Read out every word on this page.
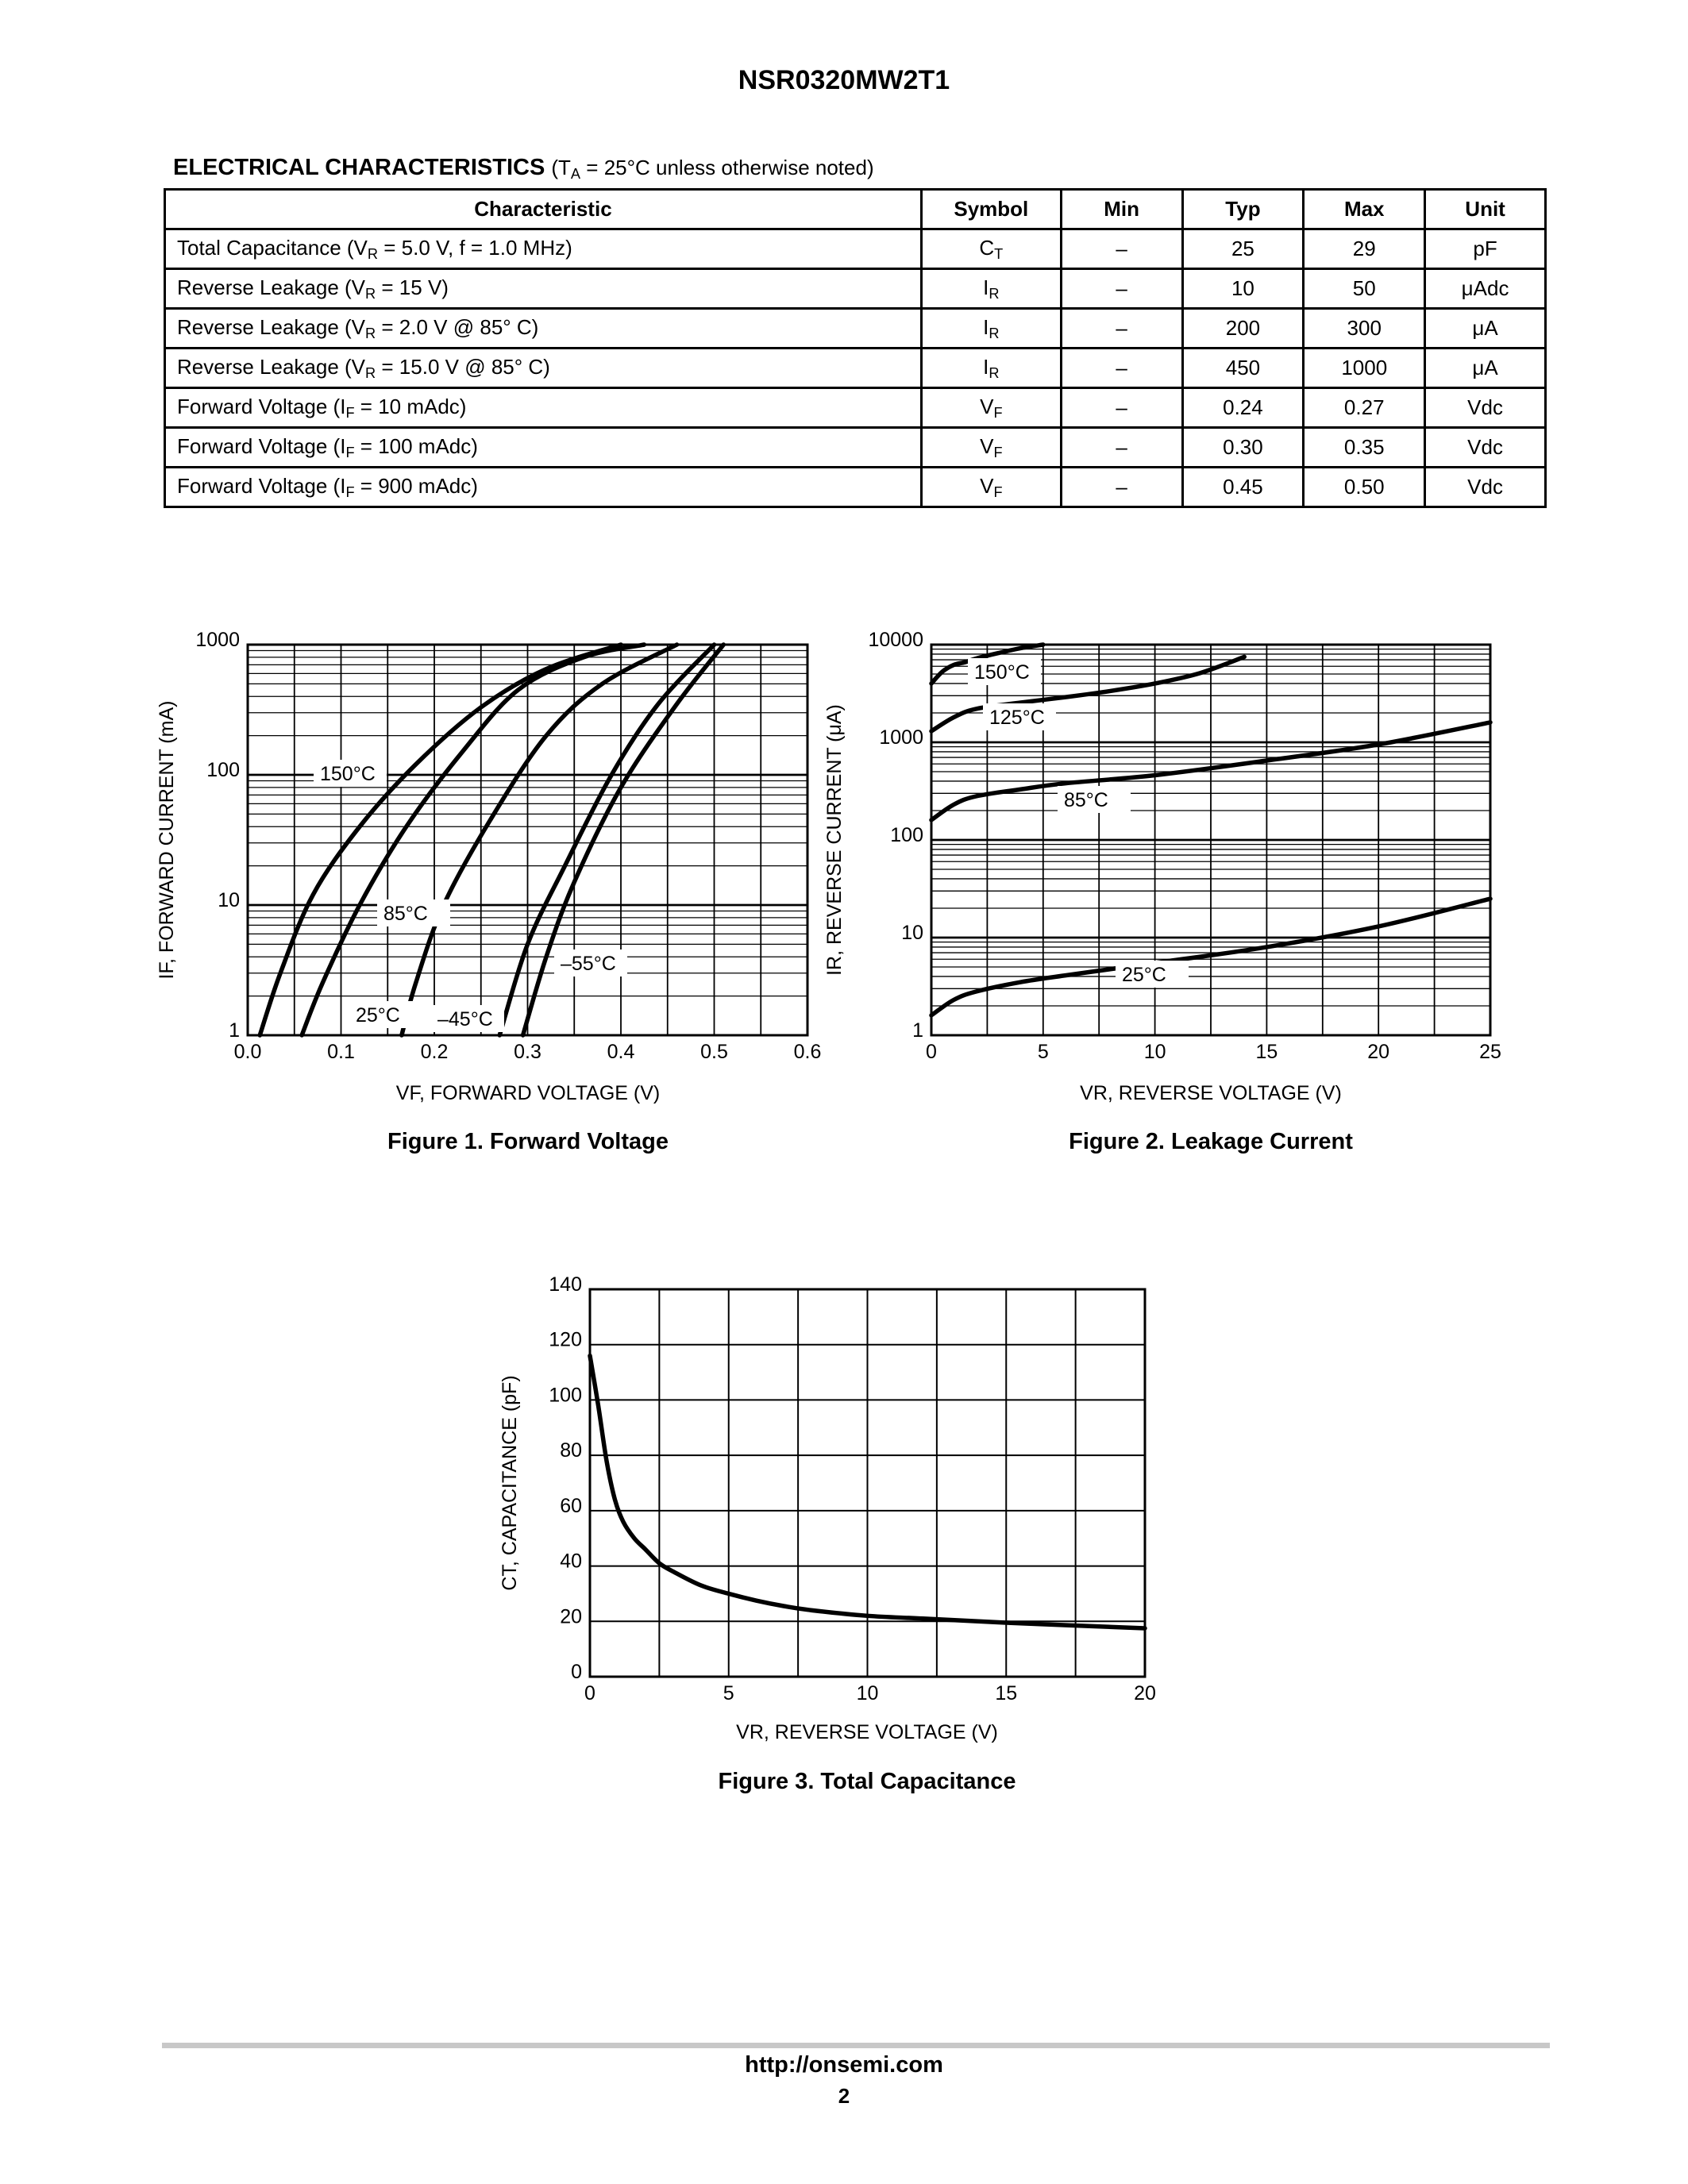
NSR0320MW2T1
ELECTRICAL CHARACTERISTICS ($T_A = 25^\circ C$ unless otherwise noted)
Characteristic	Symbol	Min	Typ	Max	Unit
Total Capacitance ($V_R = 5.0$ V, f = 1.0 MHz)	$C_T$	–	25	29	pF
Reverse Leakage ($V_R = 15$ V)	$I_R$	–	10	50	μAdc
Reverse Leakage ($V_R = 2.0$ V @ 85° C)	$I_R$	–	200	300	μA
Reverse Leakage ($V_R = 15.0$ V @ 85° C)	$I_R$	–	450	1000	μA
Forward Voltage ($I_F = 10$ mAdc)	$V_F$	–	0.24	0.27	Vdc
Forward Voltage ($I_F = 100$ mAdc)	$V_F$	–	0.30	0.35	Vdc
Forward Voltage ($I_F = 900$ mAdc)	$V_F$	–	0.45	0.50	Vdc
0.0	0.1	0.2	0.3	0.4	0.5	0.6
1
10
100
1000
VF, FORWARD VOLTAGE (V)
IF, FORWARD CURRENT (mA)
Figure 1. Forward Voltage
150°C
85°C
25°C –45°C
–55°C
0	5	10	15	20	25
1
10
100
1000
10000
VR, REVERSE VOLTAGE (V)
IR, REVERSE CURRENT (μA)
Figure 2. Leakage Current
150°C
125°C
85°C
25°C
0	5	10	15	20
0
20
40
60
80
100
120
140
VR, REVERSE VOLTAGE (V)
CT, CAPACITANCE (pF)
Figure 3. Total Capacitance
http://onsemi.com
2
